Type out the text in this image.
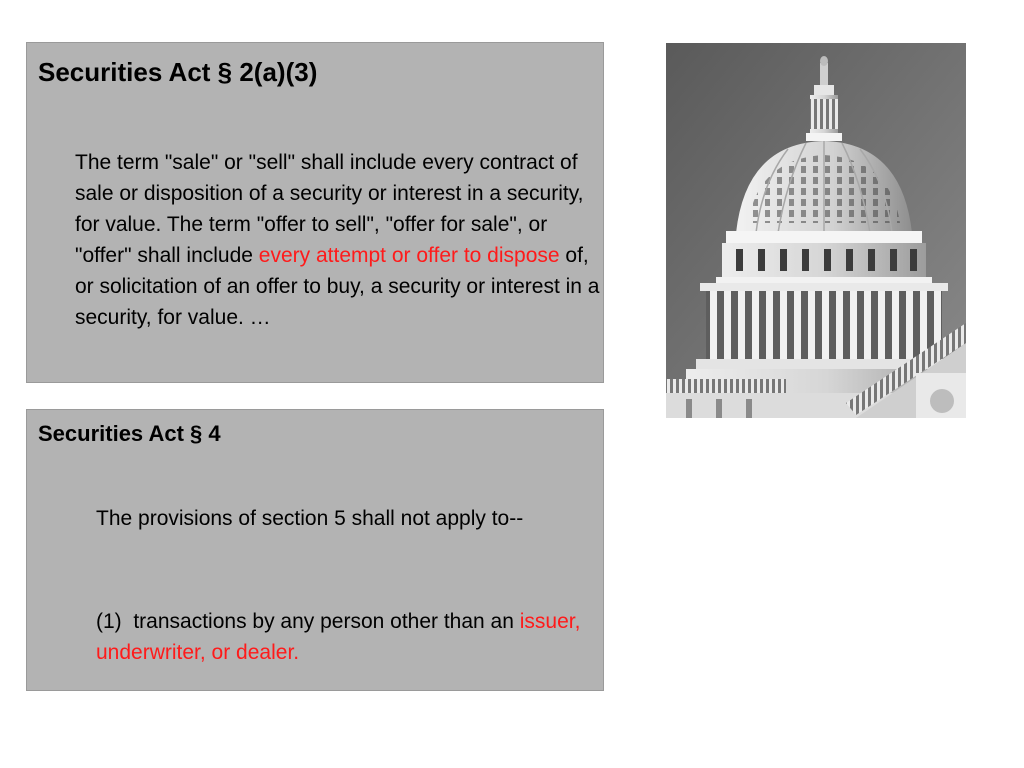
Securities Act § 2(a)(3)
The term "sale" or "sell" shall include every contract of sale or disposition of a security or interest in a security, for value. The term "offer to sell", "offer for sale", or "offer" shall include every attempt or offer to dispose of, or solicitation of an offer to buy, a security or interest in a security, for value. …
Securities Act § 4
The provisions of section 5 shall not apply to--
(1) transactions by any person other than an issuer, underwriter, or dealer.
